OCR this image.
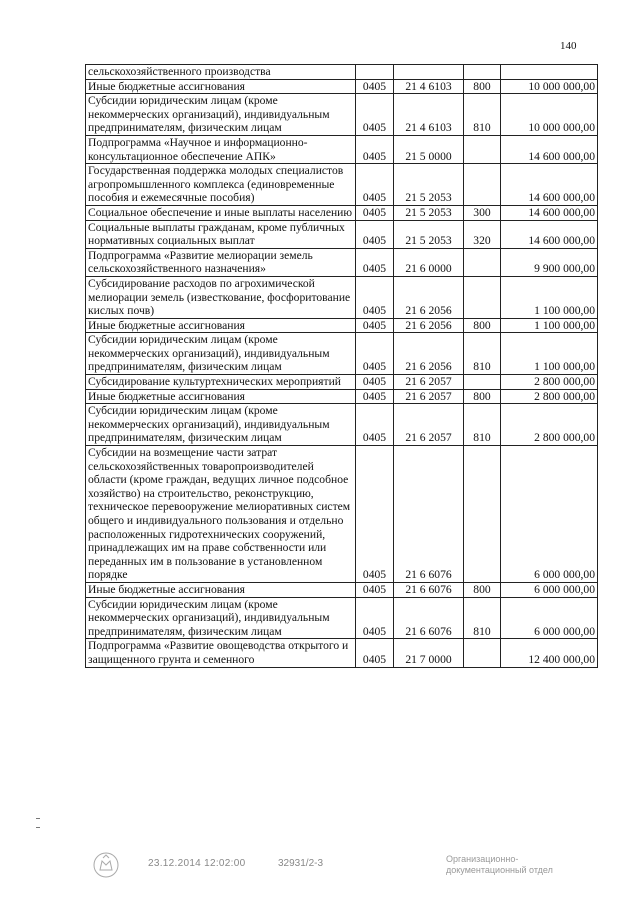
140
сельскохозяйственного производства				
Иные бюджетные ассигнования	0405	21 4 6103	800	10 000 000,00
Субсидии юридическим лицам (кроме некоммерческих организаций), индивидуальным предпринимателям, физическим лицам	0405	21 4 6103	810	10 000 000,00
Подпрограмма «Научное и информационно-консультационное обеспечение АПК»	0405	21 5 0000		14 600 000,00
Государственная поддержка молодых специалистов агропромышленного комплекса (единовременные пособия и ежемесячные пособия)	0405	21 5 2053		14 600 000,00
Социальное обеспечение и иные выплаты населению	0405	21 5 2053	300	14 600 000,00
Социальные выплаты гражданам, кроме публичных нормативных социальных выплат	0405	21 5 2053	320	14 600 000,00
Подпрограмма «Развитие мелиорации земель сельскохозяйственного назначения»	0405	21 6 0000		9 900 000,00
Субсидирование расходов по агрохимической мелиорации земель (известкование, фосфоритование кислых почв)	0405	21 6 2056		1 100 000,00
Иные бюджетные ассигнования	0405	21 6 2056	800	1 100 000,00
Субсидии юридическим лицам (кроме некоммерческих организаций), индивидуальным предпринимателям, физическим лицам	0405	21 6 2056	810	1 100 000,00
Субсидирование культуртехнических мероприятий	0405	21 6 2057		2 800 000,00
Иные бюджетные ассигнования	0405	21 6 2057	800	2 800 000,00
Субсидии юридическим лицам (кроме некоммерческих организаций), индивидуальным предпринимателям, физическим лицам	0405	21 6 2057	810	2 800 000,00
Субсидии на возмещение части затрат сельскохозяйственных товаропроизводителей области (кроме граждан, ведущих личное подсобное хозяйство) на строительство, реконструкцию, техническое перевооружение мелиоративных систем общего и индивидуального пользования и отдельно расположенных гидротехнических сооружений, принадлежащих им на праве собственности или переданных им в пользование в установленном порядке	0405	21 6 6076		6 000 000,00
Иные бюджетные ассигнования	0405	21 6 6076	800	6 000 000,00
Субсидии юридическим лицам (кроме некоммерческих организаций), индивидуальным предпринимателям, физическим лицам	0405	21 6 6076	810	6 000 000,00
Подпрограмма «Развитие овощеводства открытого и защищенного грунта и семенного	0405	21 7 0000		12 400 000,00
23.12.2014 12:02:00	32931/2-3	Организационно-
документационный отдел
